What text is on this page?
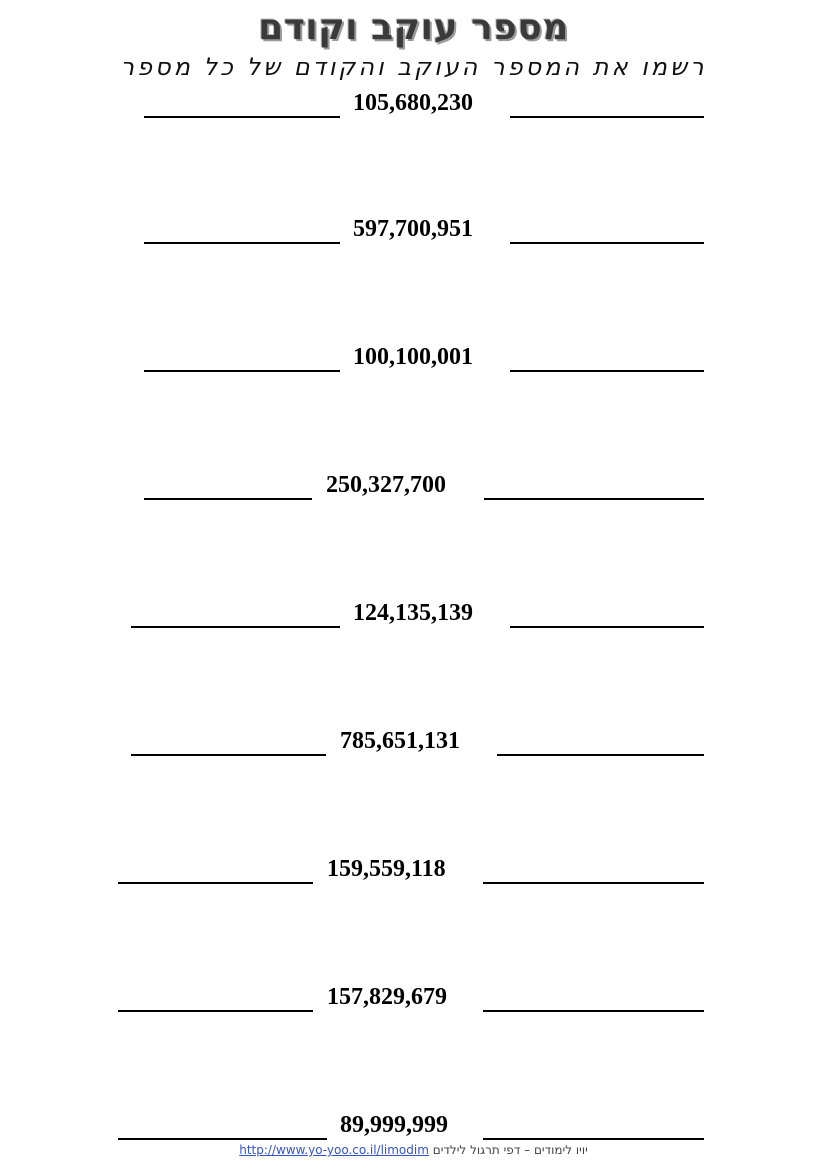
מספר עוקב וקודם
רשמו את המספר העוקב והקודם של כל מספר
105,680,230
597,700,951
100,100,001
250,327,700
124,135,139
785,651,131
159,559,118
157,829,679
89,999,999
http://www.yo-yoo.co.il/limodim יויו לימודים – דפי תרגול לילדים
